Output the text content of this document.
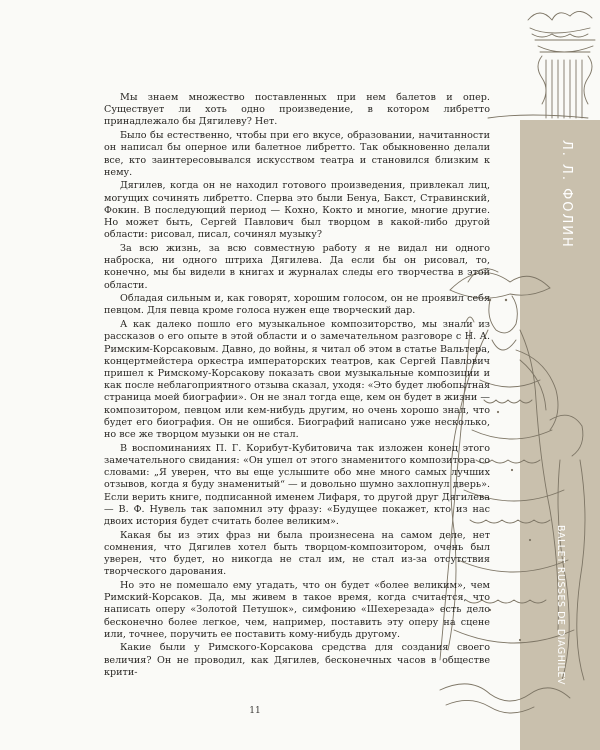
Л. Л. ФОЛИН
BALLET RUSSES DE DIAGHILEV

Мы знаем множество поставленных при нем балетов и опер. Существует ли хоть одно произведение, в котором либретто принадлежало бы Дягилеву? Нет.

Было бы естественно, чтобы при его вкусе, образовании, начитанности он написал бы оперное или балетное либретто. Так обыкновенно делали все, кто заинтересовывался искусством театра и становился близким к нему.

Дягилев, когда он не находил готового произведения, привлекал лиц, могущих сочинять либретто. Сперва это были Бенуа, Бакст, Стравинский, Фокин. В последующий период — Кохно, Кокто и многие, многие другие. Но может быть, Сергей Павлович был творцом в какой-либо другой области: рисовал, писал, сочинял музыку?

За всю жизнь, за всю совместную работу я не видал ни одного наброска, ни одного штриха Дягилева. Да если бы он рисовал, то, конечно, мы бы видели в книгах и журналах следы его творчества в этой области.

Обладая сильным и, как говорят, хорошим голосом, он не проявил себя певцом. Для певца кроме голоса нужен еще творческий дар.

А как далеко пошло его музыкальное композиторство, мы знали из рассказов о его опыте в этой области и о замечательном разговоре с Н. А. Римским-Корсаковым. Давно, до войны, я читал об этом в статье Вальтера, концертмейстера оркестра императорских театров, как Сергей Павлович пришел к Римскому-Корсакову показать свои музыкальные композиции и как после неблагоприятного отзыва сказал, уходя: «Это будет любопытная страница моей биографии». Он не знал тогда еще, кем он будет в жизни — композитором, певцом или кем-нибудь другим, но очень хорошо знал, что будет его биография. Он не ошибся. Биографий написано уже несколько, но все же творцом музыки он не стал.

В воспоминаниях П. Г. Корибут-Кубитовича так изложен конец этого замечательного свидания: «Он ушел от этого знаменитого композитора со словами: „Я уверен, что вы еще услышите обо мне много самых лучших отзывов, когда я буду знаменитый“ — и довольно шумно захлопнул дверь». Если верить книге, подписанной именем Лифаря, то другой друг Дягилева — В. Ф. Нувель так запомнил эту фразу: «Будущее покажет, кто из нас двоих история будет считать более великим».

Какая бы из этих фраз ни была произнесена на самом деле, нет сомнения, что Дягилев хотел быть творцом-композитором, очень был уверен, что будет, но никогда не стал им, не стал из-за отсутствия творческого дарования.

Но это не помешало ему угадать, что он будет «более великим», чем Римский-Корсаков. Да, мы живем в такое время, когда считается, что написать оперу «Золотой Петушок», симфонию «Шехерезада» есть дело бесконечно более легкое, чем, например, поставить эту оперу на сцене или, точнее, поручить ее поставить кому-нибудь другому.

Какие были у Римского-Корсакова средства для создания своего величия? Он не проводил, как Дягилев, бесконечных часов в обществе крити-

11
